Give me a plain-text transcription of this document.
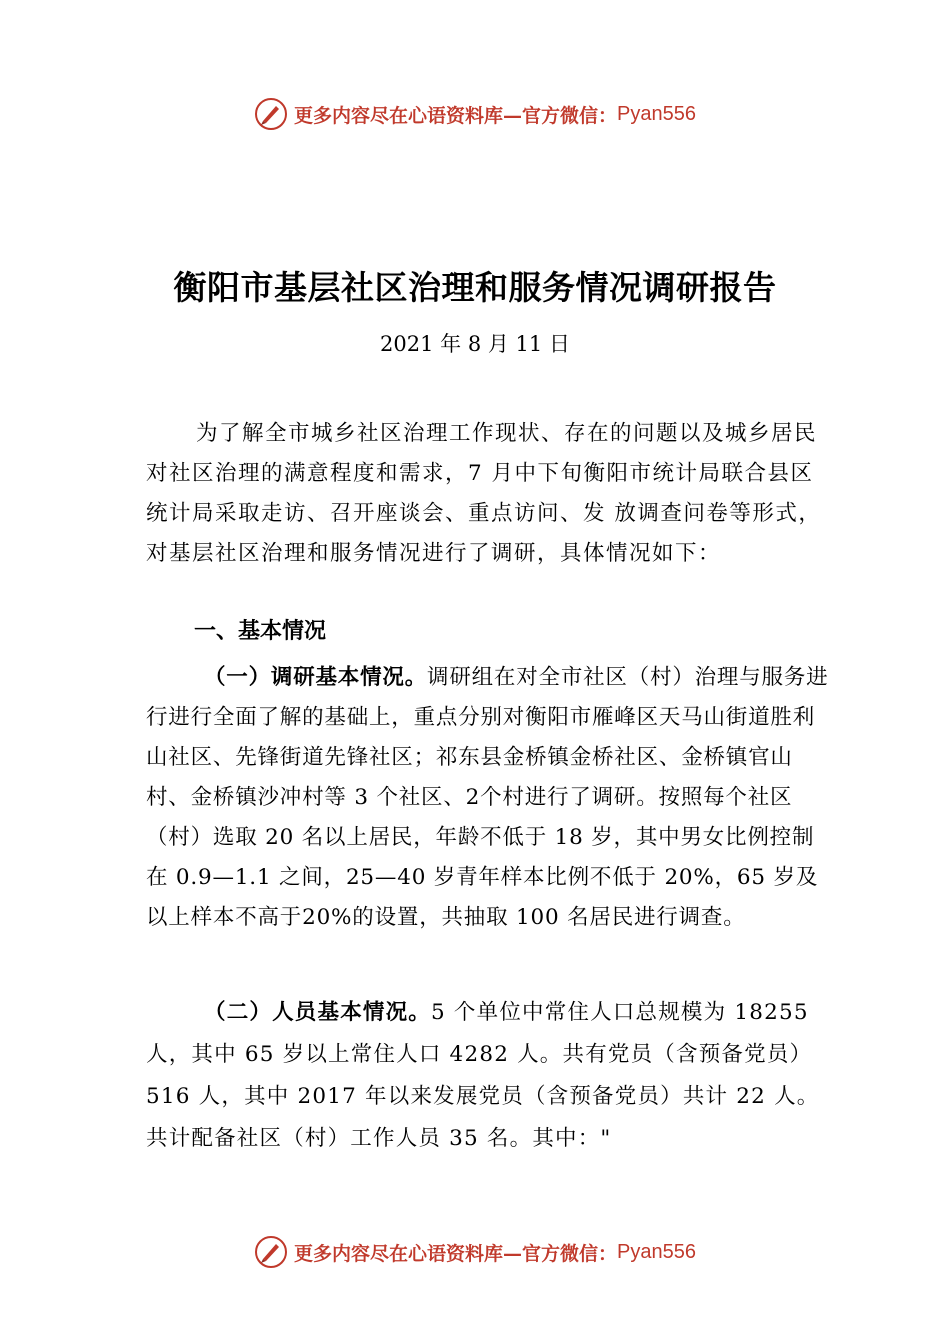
更多内容尽在心语资料库—官方微信： Pyan556
衡阳市基层社区治理和服务情况调研报告
2021 年 8 月 11 日
为了解全市城乡社区治理工作现状、存在的问题以及城乡居民对社区治理的满意程度和需求，7 月中下旬衡阳市统计局联合县区统计局采取走访、召开座谈会、重点访问、发 放调查问卷等形式，对基层社区治理和服务情况进行了调研，具体情况如下：
一、基本情况
（一）调研基本情况。调研组在对全市社区（村）治理与服务进行进行全面了解的基础上，重点分别对衡阳市雁峰区天马山街道胜利山社区、先锋街道先锋社区；祁东县金桥镇金桥社区、金桥镇官山村、金桥镇沙冲村等 3 个社区、2个村进行了调研。按照每个社区（村）选取 20 名以上居民，年龄不低于 18 岁，其中男女比例控制在 0.9—1.1 之间，25—40 岁青年样本比例不低于 20%，65 岁及以上样本不高于20%的设置，共抽取 100 名居民进行调查。
（二）人员基本情况。5 个单位中常住人口总规模为 18255 人，其中 65 岁以上常住人口 4282 人。共有党员（含预备党员）516 人，其中 2017 年以来发展党员（含预备党员）共计 22 人。共计配备社区（村）工作人员 35 名。其中："
更多内容尽在心语资料库—官方微信： Pyan556
